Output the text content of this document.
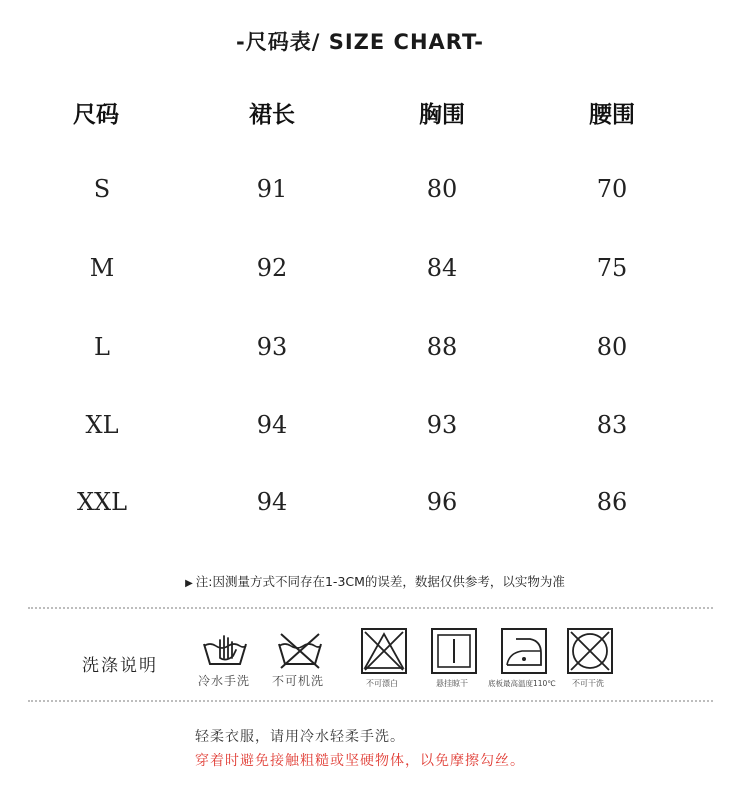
-尺码表/ SIZE CHART-
尺码	裙长	胸围	腰围
S	91	80	70
M	92	84	75
L	93	88	80
XL	94	93	83
XXL	94	96	86
▶ 注:因测量方式不同存在1-3CM的误差，数据仅供参考，以实物为准
洗涤说明
冷水手洗 不可机洗	不可漂白	悬挂晾干	底板最高温度110℃ 不可干洗
轻柔衣服，请用冷水轻柔手洗。
穿着时避免接触粗糙或坚硬物体，以免摩擦勾丝。
